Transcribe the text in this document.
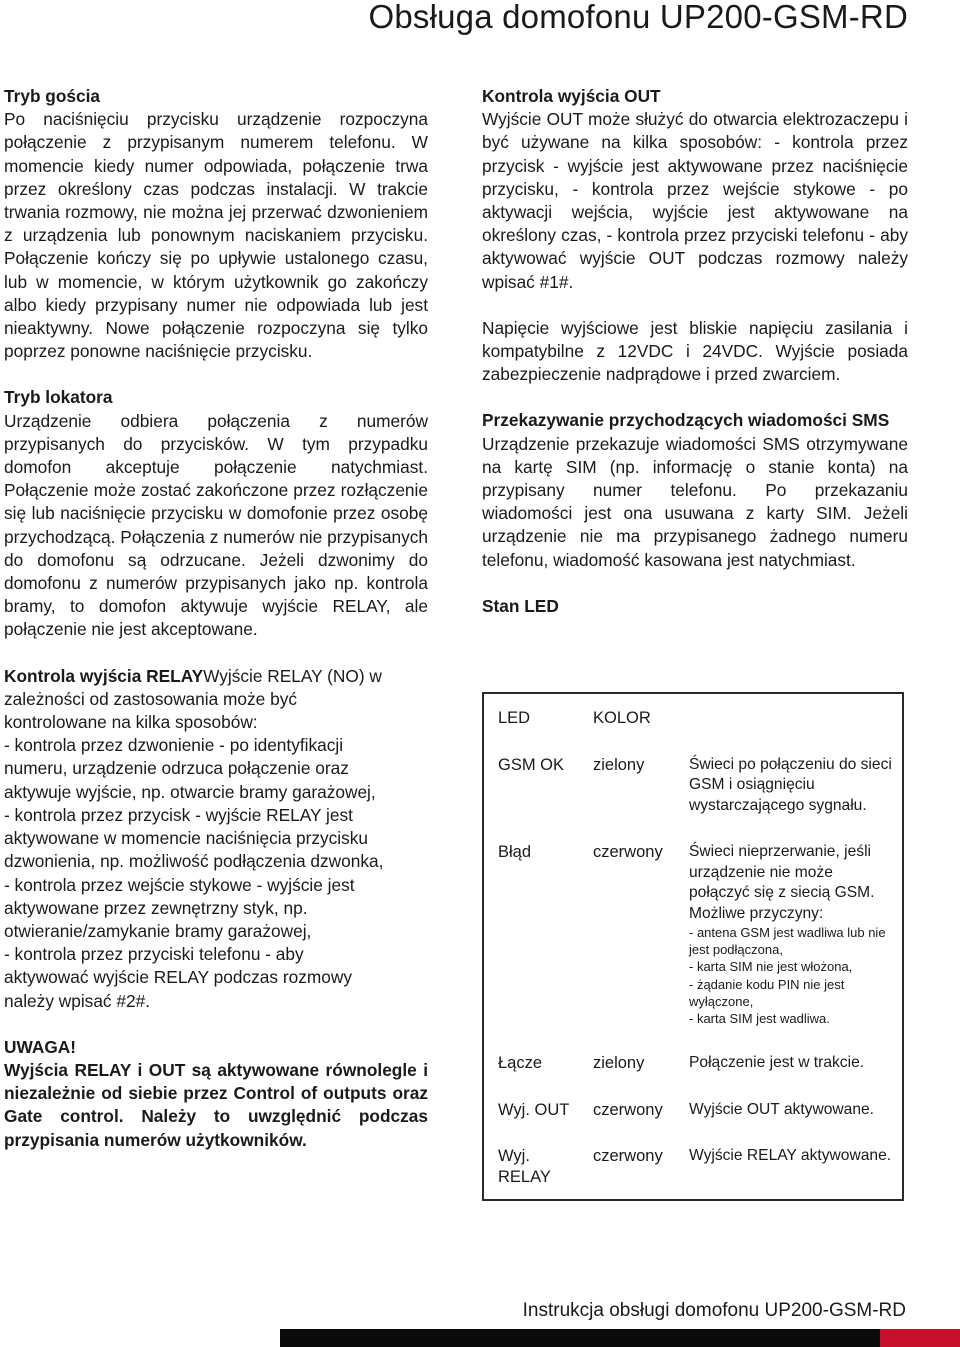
Obsługa domofonu UP200-GSM-RD

Tryb gościa

Po naciśnięciu przycisku urządzenie rozpoczyna połączenie z przypisanym numerem telefonu. W momencie kiedy numer odpowiada, połączenie trwa przez określony czas podczas instalacji. W trakcie trwania rozmowy, nie można jej przerwać dzwonieniem z urządzenia lub ponownym naciskaniem przycisku. Połączenie kończy się po upływie ustalonego czasu, lub w momencie, w którym użytkownik go zakończy albo kiedy przypisany numer nie odpowiada lub jest nieaktywny. Nowe połączenie rozpoczyna się tylko poprzez ponowne naciśnięcie przycisku.

Tryb lokatora

Urządzenie odbiera połączenia z numerów przypisanych do przycisków. W tym przypadku domofon akceptuje połączenie natychmiast. Połączenie może zostać zakończone przez rozłączenie się lub naciśnięcie przycisku w domofonie przez osobę przychodzącą. Połączenia z numerów nie przypisanych do domofonu są odrzucane. Jeżeli dzwonimy do domofonu z numerów przypisanych jako np. kontrola bramy, to domofon aktywuje wyjście RELAY, ale połączenie nie jest akceptowane.

Kontrola wyjścia RELAYWyjście RELAY (NO) w

zależności od zastosowania może być

kontrolowane na kilka sposobów:

- kontrola przez dzwonienie - po identyfikacji

numeru, urządzenie odrzuca połączenie oraz

aktywuje wyjście, np. otwarcie bramy garażowej,

- kontrola przez przycisk - wyjście RELAY jest

aktywowane w momencie naciśnięcia przycisku

dzwonienia, np. możliwość podłączenia dzwonka,

- kontrola przez wejście stykowe - wyjście jest

aktywowane przez zewnętrzny styk, np.

otwieranie/zamykanie bramy garażowej,

- kontrola przez przyciski telefonu - aby

aktywować wyjście RELAY podczas rozmowy

należy wpisać #2#.

UWAGA!

Wyjścia RELAY i OUT są aktywowane równolegle i niezależnie od siebie przez Control of outputs oraz Gate control. Należy to uwzględnić podczas przypisania numerów użytkowników.

Kontrola wyjścia OUT

Wyjście OUT może służyć do otwarcia elektrozaczepu i być używane na kilka sposobów: - kontrola przez przycisk - wyjście jest aktywowane przez naciśnięcie przycisku, - kontrola przez wejście stykowe - po aktywacji wejścia, wyjście jest aktywowane na określony czas, - kontrola przez przyciski telefonu - aby aktywować wyjście OUT podczas rozmowy należy wpisać #1#.

Napięcie wyjściowe jest bliskie napięciu zasilania i kompatybilne z 12VDC i 24VDC. Wyjście posiada zabezpieczenie nadprądowe i przed zwarciem.

Przekazywanie przychodzących wiadomości SMS

Urządzenie przekazuje wiadomości SMS otrzymywane na kartę SIM (np. informację o stanie konta) na przypisany numer telefonu. Po przekazaniu wiadomości jest ona usuwana z karty SIM. Jeżeli urządzenie nie ma przypisanego żadnego numeru telefonu, wiadomość kasowana jest natychmiast.

Stan LED

LED	KOLOR	
GSM OK	zielony	Świeci po połączeniu do sieci GSM i osiągnięciu wystarczającego sygnału.
Błąd	czerwony	Świeci nieprzerwanie, jeśli urządzenie nie może połączyć się z siecią GSM. Możliwe przyczyny:
- antena GSM jest wadliwa lub nie jest podłączona,
- karta SIM nie jest włożona,
- żądanie kodu PIN nie jest wyłączone,
- karta SIM jest wadliwa.

Łącze	zielony	Połączenie jest w trakcie.
Wyj. OUT	czerwony	Wyjście OUT aktywowane.
Wyj. RELAY	czerwony	Wyjście RELAY aktywowane.
Instrukcja obsługi domofonu UP200-GSM-RD
